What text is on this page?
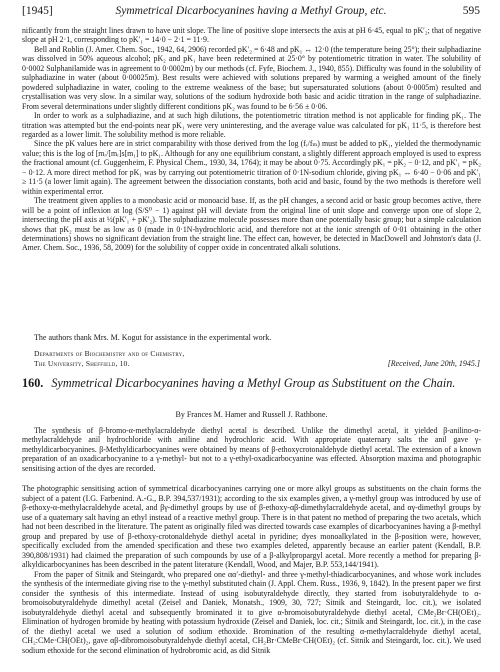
[1945]	Symmetrical Dicarbocyanines having a Methyl Group, etc.	595

nificantly from the straight lines drawn to have unit slope. The line of positive slope intersects the axis at pH 6·45, equal to pK′₂; that of negative slope at pH 2·1, corresponding to pK′₁ = 14·0 − 2·1 = 11·9.

Bell and Roblin (J. Amer. Chem. Soc., 1942, 64, 2906) recorded pK′₂ = 6·48 and pK₁ ↔ 12·0 (the temperature being 25°); their sulphadiazine was dissolved in 50% aqueous alcohol; pK₂ and pK₁ have been redetermined at 25·0° by potentiometric titration in water. The solubility of 0·0002 Sulphanilamide was in agreement to 0·0002m) by our methods (cf. Fyfe, Biochem. J., 1940, 855). Difficulty was found in the solubility of sulphadiazine in water (about 0·00025m). Best results were achieved with solutions prepared by warming a weighed amount of the finely powdered sulphadiazine in water, cooling to the extreme weakness of the base; but supersaturated solutions (about 0·0005m) resulted and crystallisation was very slow. In a similar way, solutions of the sodium hydroxide both basic and acidic titration in the range of sulphadiazine. From several determinations under slightly different conditions pK₂ was found to be 6·56 ± 0·06.

In order to work as a sulphadiazine, and at such high dilutions, the potentiometric titration method is not applicable for finding pK₁. The titration was attempted but the end-points near pK₁ were very uninteresting, and the average value was calculated for pK₁ 11·5, is therefore best regarded as a lower limit. The solubility method is more reliable.

Since the pK values here are in strict comparability with those derived from the log (fᵣ/fₘ) must be added to pK₁, yielded the thermodynamic value; this is the log of [mᵣ/[mᵣ]s[m₁] to pK₁. Although for any one equilibrium constant, a slightly different approach employed is used to express the fractional amount (cf. Guggenheim, F. Physical Chem., 1930, 34, 1764); it may be about 0·75. Accordingly pK₁ = pK₂ − 0·12, and pK′₁ = pK₂ − 0·12. A more direct method for pK₁ was by carrying out potentiometric titration of 0·1N-sodium chloride, giving pK₁ ↔ 6·40 − 0·06 and pK′₁ ≥ 11·5 (a lower limit again). The agreement between the dissociation constants, both acid and basic, found by the two methods is therefore well within experimental error.

The treatment given applies to a monobasic acid or monoacid base. If, as the pH changes, a second acid or basic group becomes active, there will be a point of inflexion at log (S/S⁰ − 1) against pH will deviate from the original line of unit slope and converge upon one of slope 2, intersecting the pH axis at ½(pK′₁ + pK′₂). The sulphadiazine molecule possesses more than one potentially basic group; but a simple calculation shows that pK₂ must be as low as 0 (made in 0·1N-hydrochloric acid, and therefore not at the ionic strength of 0·01 obtaining in the other determinations) shows no significant deviation from the straight line. The effect can, however, be detected in MacDowell and Johnston's data (J. Amer. Chem. Soc., 1936, 58, 2009) for the solubility of copper oxide in concentrated alkali solutions.

The authors thank Mrs. M. Kogut for assistance in the experimental work.
Departments of Biochemistry and of Chemistry,
The University, Sheffield, 10.	[Received, June 20th, 1945.]
160. Symmetrical Dicarbocyanines having a Methyl Group as Substituent on the Chain.
By Frances M. Hamer and Russell J. Rathbone.

The synthesis of β-bromo-α-methylacraldehyde diethyl acetal is described. Unlike the dimethyl acetal, it yielded β-anilino-α-methylacraldehyde anil hydrochloride with aniline and hydrochloric acid. With appropriate quaternary salts the anil gave γ-methyldicarbocyanines. β-Methyldicarbocyanines were obtained by means of β-ethoxycrotonaldehyde diethyl acetal. The extension of a known preparation of an oxadicarbocyanine to a γ-methyl- but not to a γ-ethyl-oxadicarbocyanine was effected. Absorption maxima and photographic sensitising action of the dyes are recorded.

The photographic sensitising action of symmetrical dicarbocyanines carrying one or more alkyl groups as substituents on the chain forms the subject of a patent (I.G. Farbenind. A.-G., B.P. 394,537/1931); according to the six examples given, a γ-methyl group was introduced by use of β-ethoxy-α-methylacraldehyde acetal, and βγ-dimethyl groups by use of β-ethoxy-αβ-dimethylacraldehyde acetal, and αγ-dimethyl groups by use of a quaternary salt having an ethyl instead of a reactive methyl group. There is in that patent no method of preparing the two acetals, which had not been described in the literature. The patent as originally filed was directed towards case examples of dicarbocyanines having a β-methyl group and prepared by use of β-ethoxy-crotonaldehyde diethyl acetal in pyridine; dyes monoalkylated in the β-position were, however, specifically excluded from the amended specification and these two examples deleted, apparently because an earlier patent (Kendall, B.P. 390,808/1931) had claimed the preparation of such compounds by use of a β-alkylpropargyl acetal. More recently a method for preparing β-alkyldicarbocyanines has been described in the patent literature (Kendall, Wood, and Majer, B.P. 553,144/1941).

From the paper of Sitnik and Steingardt, who prepared one αα′-diethyl- and three γ-methyl-thiadicarbocyanines, and whose work includes the synthesis of the intermediate giving rise to the γ-methyl substituted chain (J. Appl. Chem. Russ., 1936, 9, 1842). In the present paper we first consider the synthesis of this intermediate. Instead of using isobutyraldehyde directly, they started from isobutyraldehyde to α-bromoisobutyraldehyde dimethyl acetal (Zeisel and Daniek, Monatsh., 1909, 30, 727; Sitnik and Steingardt, loc. cit.), we isolated isobutyraldehyde diethyl acetal and subsequently brominated it to give α-bromoisobutyraldehyde diethyl acetal, CMe₂Br·CH(OEt)₂. Elimination of hydrogen bromide by heating with potassium hydroxide (Zeisel and Daniek, loc. cit.; Sitnik and Steingardt, loc. cit.), in the case of the diethyl acetal we used a solution of sodium ethoxide. Bromination of the resulting α-methylacraldehyde diethyl acetal, CH₂:CMe·CH(OEt)₂, gave αβ-dibromoisobutyraldehyde diethyl acetal, CH₂Br·CMeBr·CH(OEt)₂ (cf. Sitnik and Steingardt, loc. cit.). We used sodium ethoxide for the second elimination of hydrobromic acid, as did Sitnik
